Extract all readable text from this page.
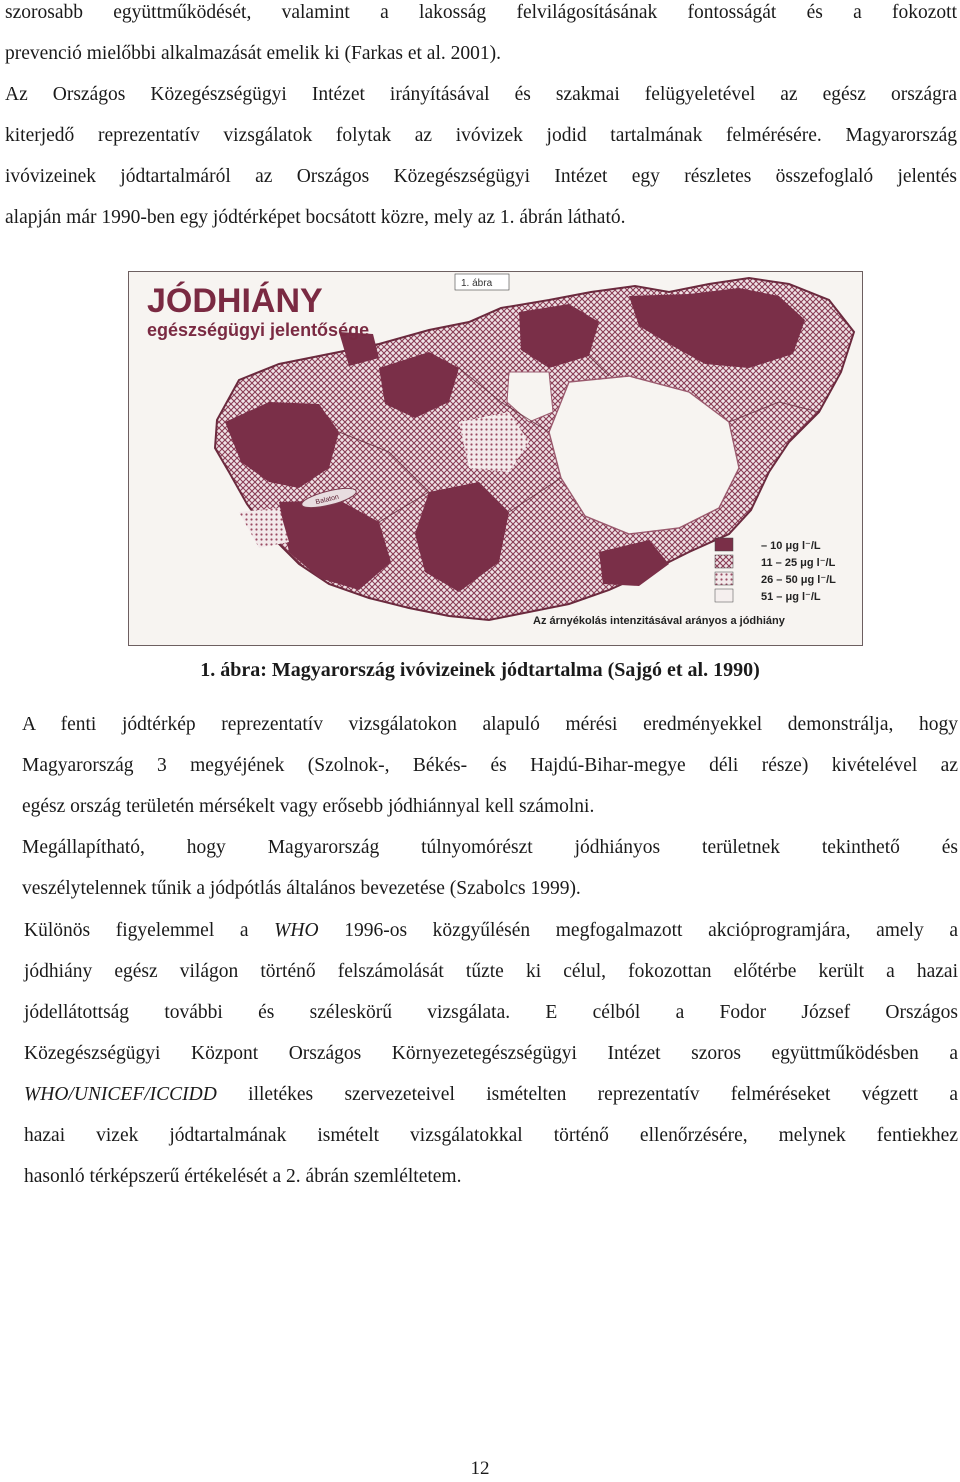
szorosabb együttműködését, valamint a lakosság felvilágosításának fontosságát és a fokozott
prevenció mielőbbi alkalmazását emelik ki (Farkas et al. 2001).
Az Országos Közegészségügyi Intézet irányításával és szakmai felügyeletével az egész országra
kiterjedő reprezentatív vizsgálatok folytak az ivóvizek jodid tartalmának felmérésére. Magyarország
ivóvizeinek jódtartalmáról az Országos Közegészségügyi Intézet egy részletes összefoglaló jelentés
alapján már 1990-ben egy jódtérképet bocsátott közre, mely az 1. ábrán látható.
Balaton
JÓDHIÁNY
egészségügyi jelentősége
1. ábra
– 10 μg l⁻/L
11 – 25 μg l⁻/L
26 – 50 μg l⁻/L
51 – μg l⁻/L
Az árnyékolás intenzitásával arányos a jódhiány
1. ábra: Magyarország ivóvizeinek jódtartalma (Sajgó et al. 1990)
A fenti jódtérkép reprezentatív vizsgálatokon alapuló mérési eredményekkel demonstrálja, hogy
Magyarország 3 megyéjének (Szolnok-, Békés- és Hajdú-Bihar-megye déli része) kivételével az
egész ország területén mérsékelt vagy erősebb jódhiánnyal kell számolni.
Megállapítható, hogy Magyarország túlnyomórészt jódhiányos területnek tekinthető és
veszélytelennek tűnik a jódpótlás általános bevezetése (Szabolcs 1999).
Különös figyelemmel a WHO 1996-os közgyűlésén megfogalmazott akcióprogramjára, amely a
jódhiány egész világon történő felszámolását tűzte ki célul, fokozottan előtérbe került a hazai
jódellátottság további és széleskörű vizsgálata. E célból a Fodor József Országos
Közegészségügyi Központ Országos Környezetegészségügyi Intézet szoros együttműködésben a
WHO/UNICEF/ICCIDD illetékes szervezeteivel ismételten reprezentatív felméréseket végzett a
hazai vizek jódtartalmának ismételt vizsgálatokkal történő ellenőrzésére, melynek fentiekhez
hasonló térképszerű értékelését a 2. ábrán szemléltetem.
12
